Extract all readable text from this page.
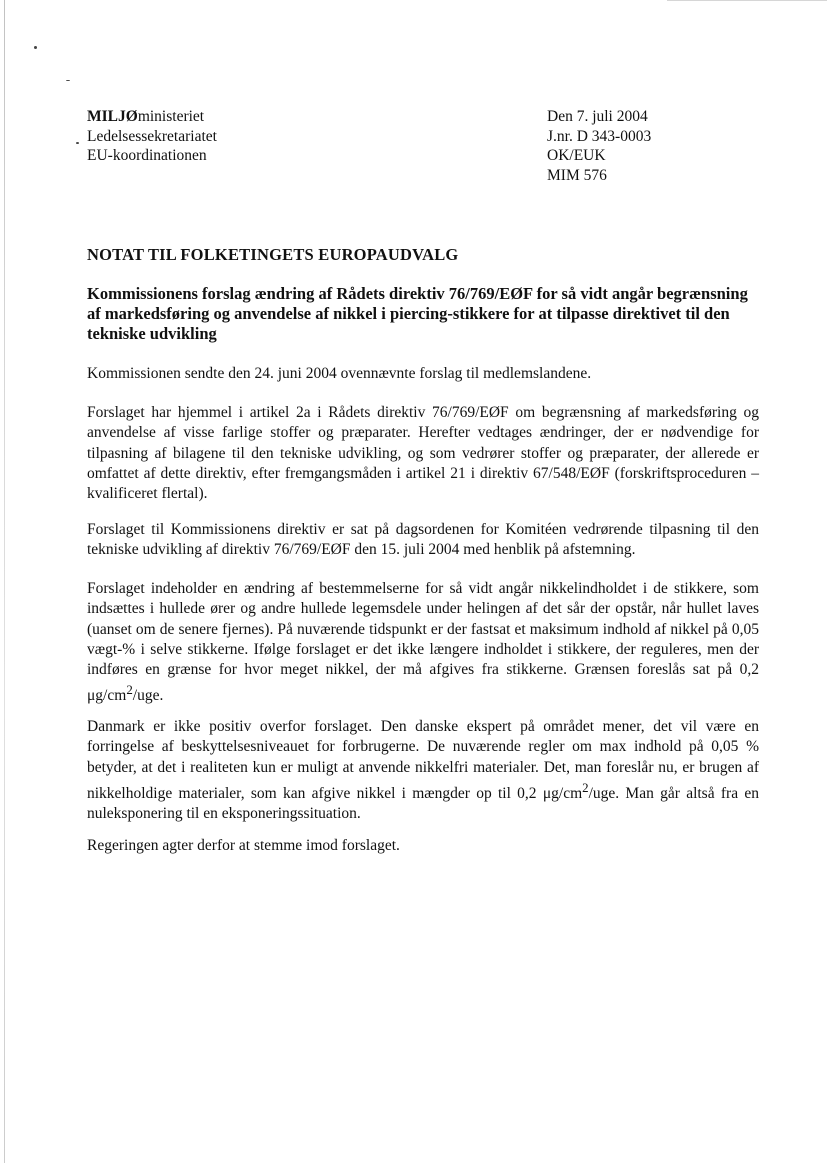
MILJØministeriet
Ledelsessekretariatet
EU-koordinationen
Den 7. juli 2004
J.nr. D 343-0003
OK/EUK
MIM 576
NOTAT TIL FOLKETINGETS EUROPAUDVALG
Kommissionens forslag ændring af Rådets direktiv 76/769/EØF for så vidt angår begrænsning af markedsføring og anvendelse af nikkel i piercing-stikkere for at tilpasse direktivet til den tekniske udvikling

Kommissionen sendte den 24. juni 2004 ovennævnte forslag til medlemslandene.

Forslaget har hjemmel i artikel 2a i Rådets direktiv 76/769/EØF om begrænsning af markedsføring og anvendelse af visse farlige stoffer og præparater. Herefter vedtages ændringer, der er nødvendige for tilpasning af bilagene til den tekniske udvikling, og som vedrører stoffer og præparater, der allerede er omfattet af dette direktiv, efter fremgangsmåden i artikel 21 i direktiv 67/548/EØF (forskriftsproceduren – kvalificeret flertal).

Forslaget til Kommissionens direktiv er sat på dagsordenen for Komitéen vedrørende tilpasning til den tekniske udvikling af direktiv 76/769/EØF den 15. juli 2004 med henblik på afstemning.

Forslaget indeholder en ændring af bestemmelserne for så vidt angår nikkelindholdet i de stikkere, som indsættes i hullede ører og andre hullede legemsdele under helingen af det sår der opstår, når hullet laves (uanset om de senere fjernes). På nuværende tidspunkt er der fastsat et maksimum indhold af nikkel på 0,05 vægt-% i selve stikkerne. Ifølge forslaget er det ikke længere indholdet i stikkere, der reguleres, men der indføres en grænse for hvor meget nikkel, der må afgives fra stikkerne. Grænsen foreslås sat på 0,2 $\mu g/cm^2$/uge.

Danmark er ikke positiv overfor forslaget. Den danske ekspert på området mener, det vil være en forringelse af beskyttelsesniveauet for forbrugerne. De nuværende regler om max indhold på 0,05 % betyder, at det i realiteten kun er muligt at anvende nikkelfri materialer. Det, man foreslår nu, er brugen af nikkelholdige materialer, som kan afgive nikkel i mængder op til 0,2 $\mu g/cm^2$/uge. Man går altså fra en nuleksponering til en eksponeringssituation.

Regeringen agter derfor at stemme imod forslaget.
